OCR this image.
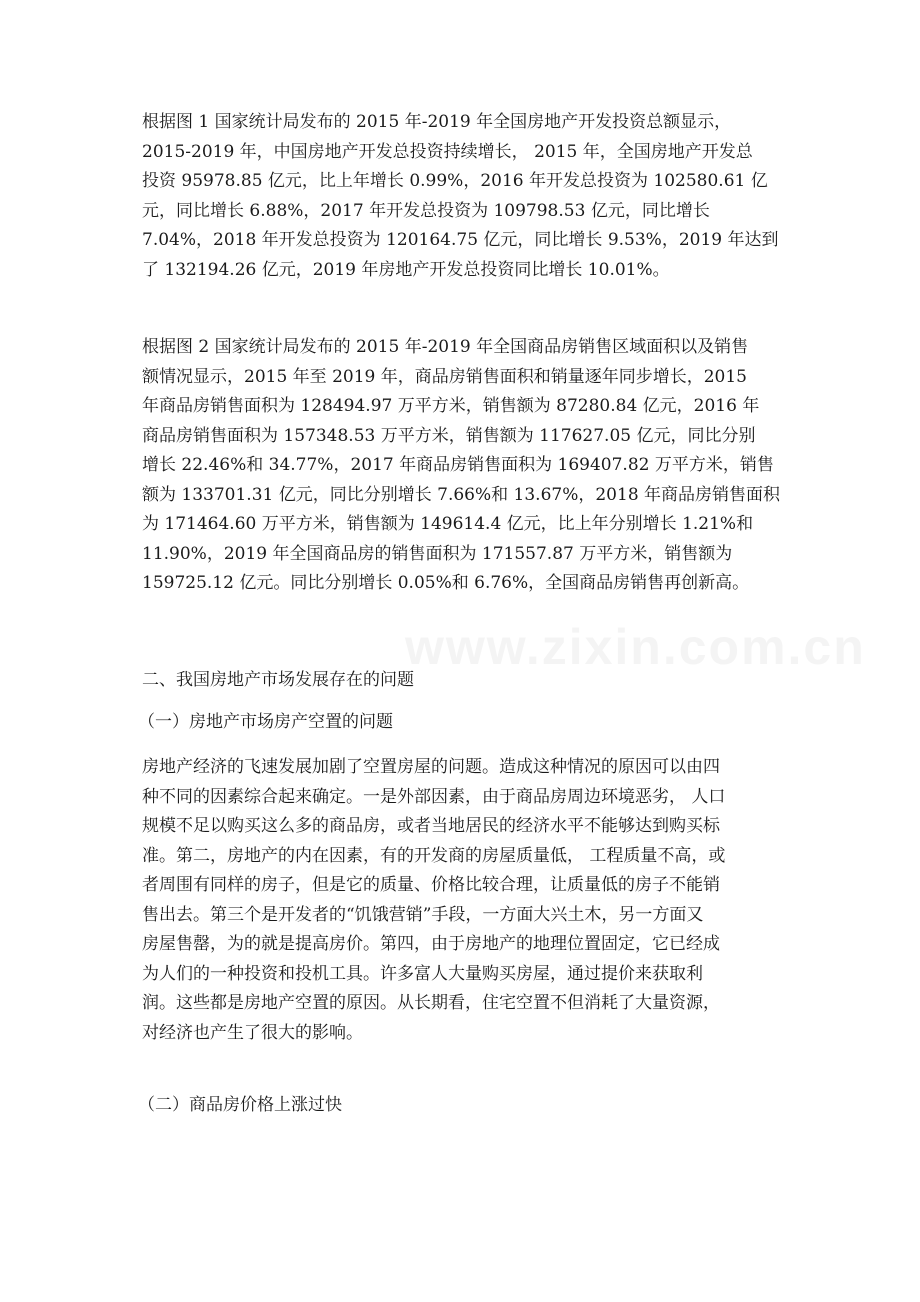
www.zixin.com.cn
根据图 1 国家统计局发布的 2015 年-2019 年全国房地产开发投资总额显示，
2015-2019 年，中国房地产开发总投资持续增长， 2015 年，全国房地产开发总
投资 95978.85 亿元，比上年增长 0.99%，2016 年开发总投资为 102580.61 亿
元，同比增长 6.88%，2017 年开发总投资为 109798.53 亿元，同比增长
7.04%，2018 年开发总投资为 120164.75 亿元，同比增长 9.53%，2019 年达到
了 132194.26 亿元，2019 年房地产开发总投资同比增长 10.01%。
根据图 2 国家统计局发布的 2015 年-2019 年全国商品房销售区域面积以及销售
额情况显示，2015 年至 2019 年，商品房销售面积和销量逐年同步增长，2015
年商品房销售面积为 128494.97 万平方米，销售额为 87280.84 亿元，2016 年
商品房销售面积为 157348.53 万平方米，销售额为 117627.05 亿元，同比分别
增长 22.46%和 34.77%，2017 年商品房销售面积为 169407.82 万平方米，销售
额为 133701.31 亿元，同比分别增长 7.66%和 13.67%，2018 年商品房销售面积
为 171464.60 万平方米，销售额为 149614.4 亿元，比上年分别增长 1.21%和
11.90%，2019 年全国商品房的销售面积为 171557.87 万平方米，销售额为
159725.12 亿元。同比分别增长 0.05%和 6.76%，全国商品房销售再创新高。
二、我国房地产市场发展存在的问题
（一）房地产市场房产空置的问题
房地产经济的飞速发展加剧了空置房屋的问题。造成这种情况的原因可以由四
种不同的因素综合起来确定。一是外部因素，由于商品房周边环境恶劣， 人口
规模不足以购买这么多的商品房，或者当地居民的经济水平不能够达到购买标
准。第二，房地产的内在因素，有的开发商的房屋质量低， 工程质量不高，或
者周围有同样的房子，但是它的质量、价格比较合理，让质量低的房子不能销
售出去。第三个是开发者的“饥饿营销”手段，一方面大兴土木，另一方面又
房屋售罄，为的就是提高房价。第四，由于房地产的地理位置固定，它已经成
为人们的一种投资和投机工具。许多富人大量购买房屋，通过提价来获取利
润。这些都是房地产空置的原因。从长期看，住宅空置不但消耗了大量资源，
对经济也产生了很大的影响。
（二）商品房价格上涨过快
